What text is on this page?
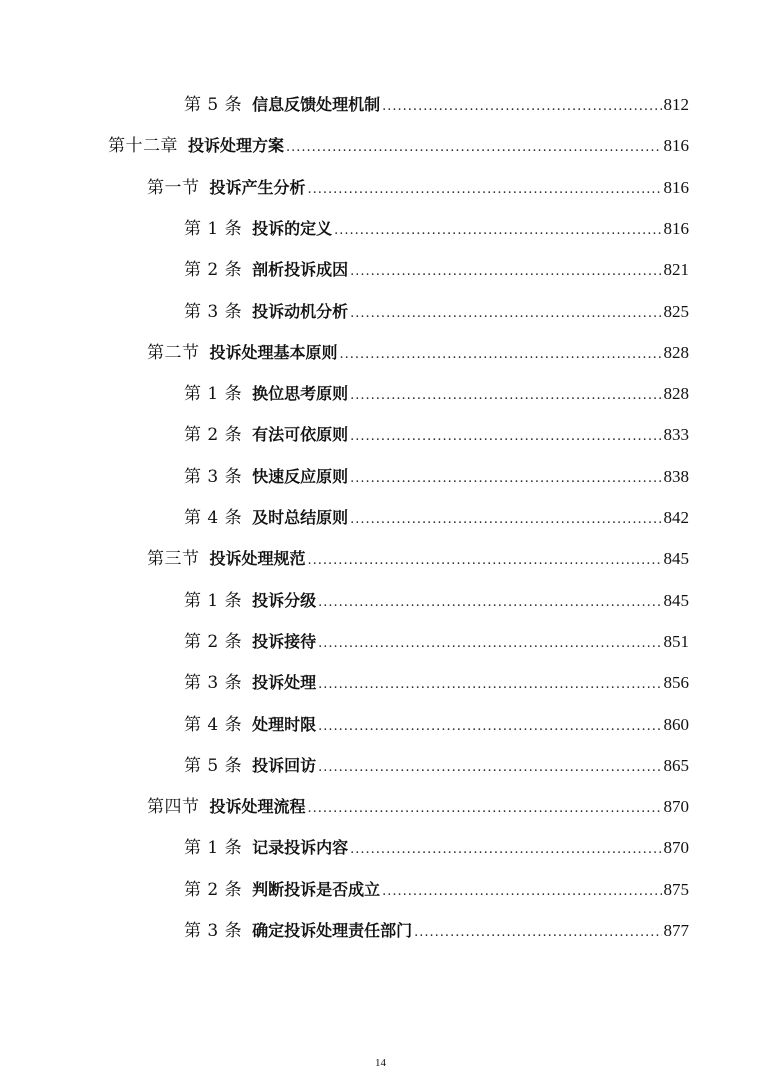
第 5 条 信息反馈处理机制 .....	812
第十二章 投诉处理方案 .....	816
第一节 投诉产生分析 .....	816
第 1 条 投诉的定义 .....	816
第 2 条 剖析投诉成因 .....	821
第 3 条 投诉动机分析 .....	825
第二节 投诉处理基本原则 .....	828
第 1 条 换位思考原则 .....	828
第 2 条 有法可依原则 .....	833
第 3 条 快速反应原则 .....	838
第 4 条 及时总结原则 .....	842
第三节 投诉处理规范 .....	845
第 1 条 投诉分级 .....	845
第 2 条 投诉接待 .....	851
第 3 条 投诉处理 .....	856
第 4 条 处理时限 .....	860
第 5 条 投诉回访 .....	865
第四节 投诉处理流程 .....	870
第 1 条 记录投诉内容 .....	870
第 2 条 判断投诉是否成立 .....	875
第 3 条 确定投诉处理责任部门 .....	877
14
